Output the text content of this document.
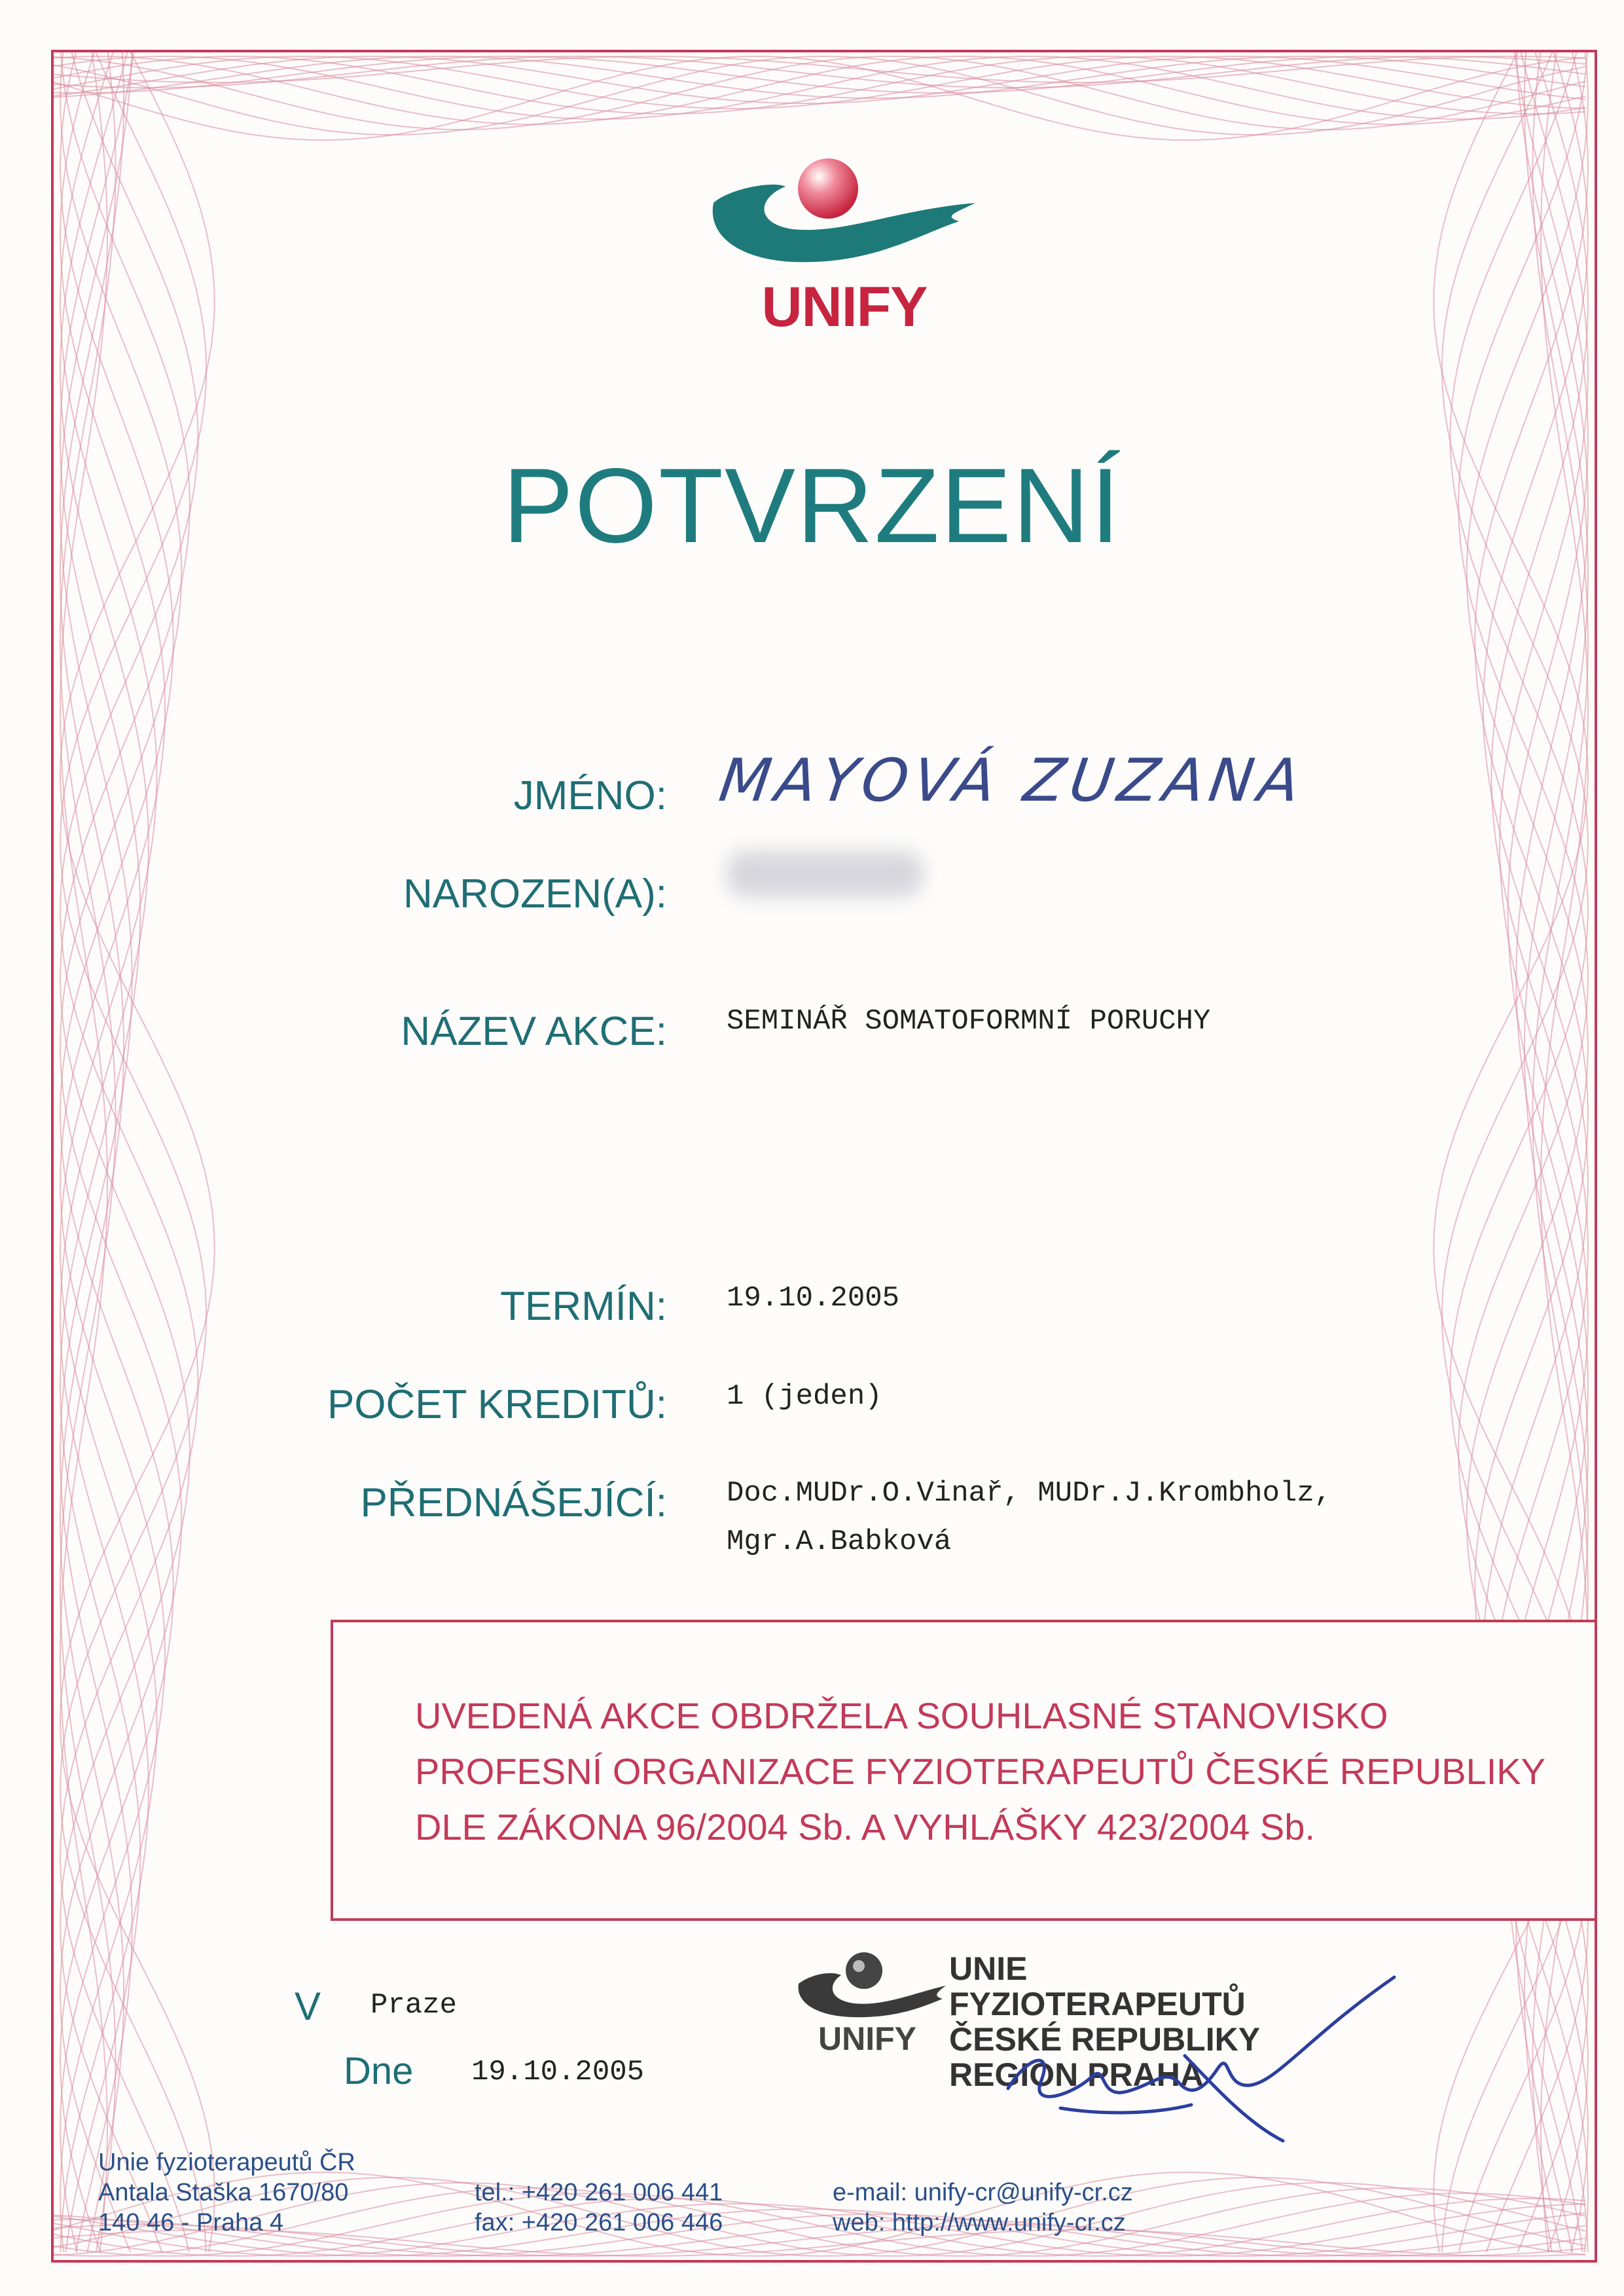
UNIFY
POTVRZENÍ
JMÉNO: MAYOVÁ ZUZANA
NAROZEN(A):
NÁZEV AKCE: SEMINÁŘ SOMATOFORMNÍ PORUCHY
TERMÍN: 19.10.2005
POČET KREDITŮ: 1 (jeden)
PŘEDNÁŠEJÍCÍ: Doc.MUDr.O.Vinař, MUDr.J.Krombholz,
Mgr.A.Babková
UVEDENÁ AKCE OBDRŽELA SOUHLASNÉ STANOVISKO
PROFESNÍ ORGANIZACE FYZIOTERAPEUTŮ ČESKÉ REPUBLIKY
DLE ZÁKONA 96/2004 Sb. A VYHLÁŠKY 423/2004 Sb.
V Praze
Dne 19.10.2005
UNIFY
UNIE
FYZIOTERAPEUTŮ
ČESKÉ REPUBLIKY
REGION PRAHA
Unie fyzioterapeutů ČR
Antala Staška 1670/80
140 46 - Praha 4
tel.: +420 261 006 441
fax: +420 261 006 446
e-mail: unify-cr@unify-cr.cz
web: http://www.unify-cr.cz
